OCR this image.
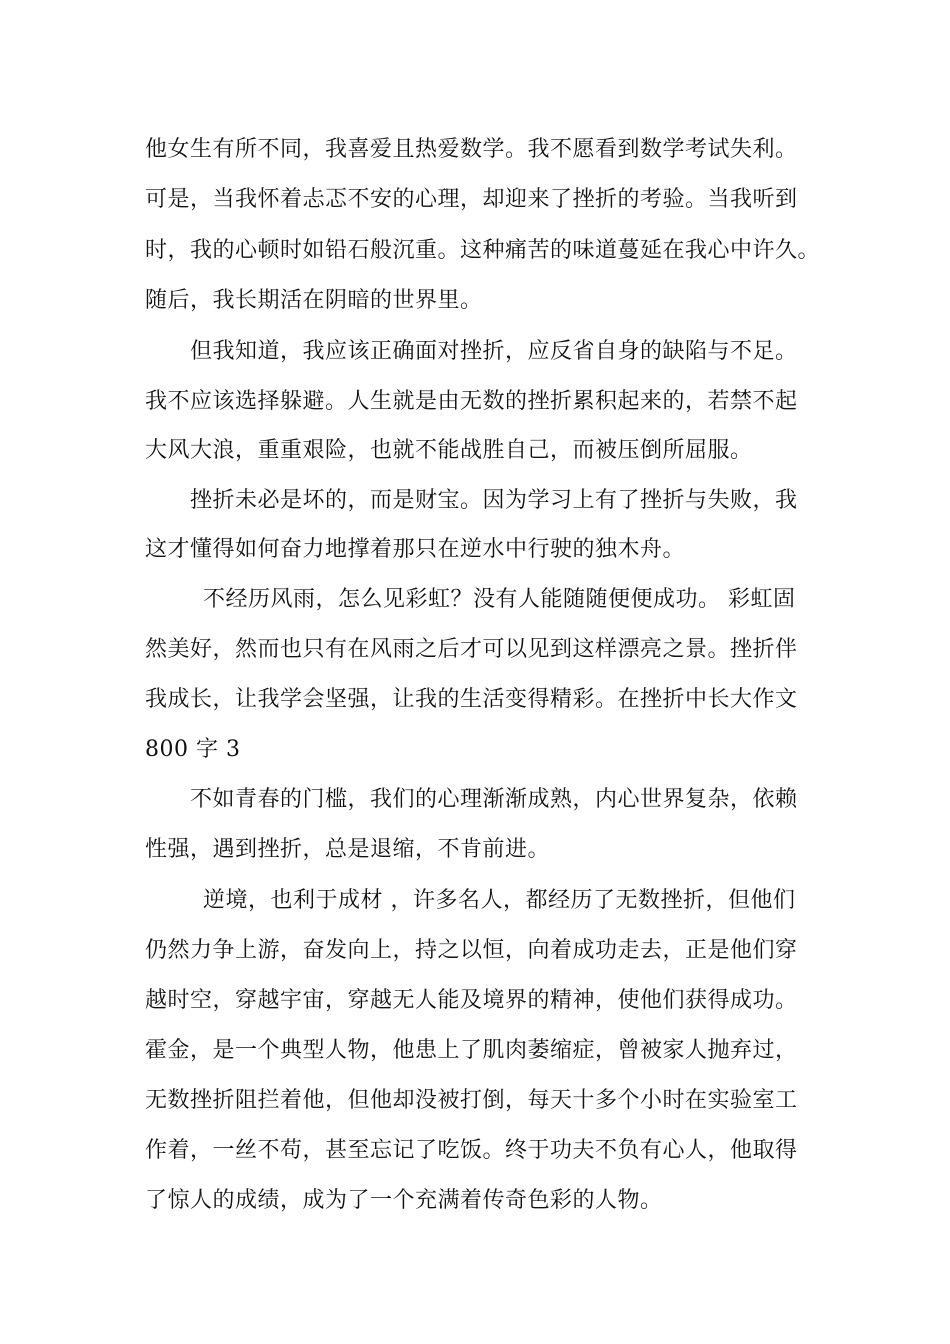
他女生有所不同，我喜爱且热爱数学。我不愿看到数学考试失利。
可是，当我怀着忐忑不安的心理，却迎来了挫折的考验。当我听到
时，我的心顿时如铅石般沉重。这种痛苦的味道蔓延在我心中许久。
随后，我长期活在阴暗的世界里。
但我知道，我应该正确面对挫折，应反省自身的缺陷与不足。
我不应该选择躲避。人生就是由无数的挫折累积起来的，若禁不起
大风大浪，重重艰险，也就不能战胜自己，而被压倒所屈服。
挫折未必是坏的，而是财宝。因为学习上有了挫折与失败，我
这才懂得如何奋力地撑着那只在逆水中行驶的独木舟。
不经历风雨，怎么见彩虹？没有人能随随便便成功。 彩虹固
然美好，然而也只有在风雨之后才可以见到这样漂亮之景。挫折伴
我成长，让我学会坚强，让我的生活变得精彩。在挫折中长大作文
800 字 3
不如青春的门槛，我们的心理渐渐成熟，内心世界复杂，依赖
性强，遇到挫折，总是退缩，不肯前进。
逆境，也利于成材 ，许多名人，都经历了无数挫折，但他们
仍然力争上游，奋发向上，持之以恒，向着成功走去，正是他们穿
越时空，穿越宇宙，穿越无人能及境界的精神，使他们获得成功。
霍金，是一个典型人物，他患上了肌肉萎缩症，曾被家人抛弃过，
无数挫折阻拦着他，但他却没被打倒，每天十多个小时在实验室工
作着，一丝不苟，甚至忘记了吃饭。终于功夫不负有心人，他取得
了惊人的成绩，成为了一个充满着传奇色彩的人物。
